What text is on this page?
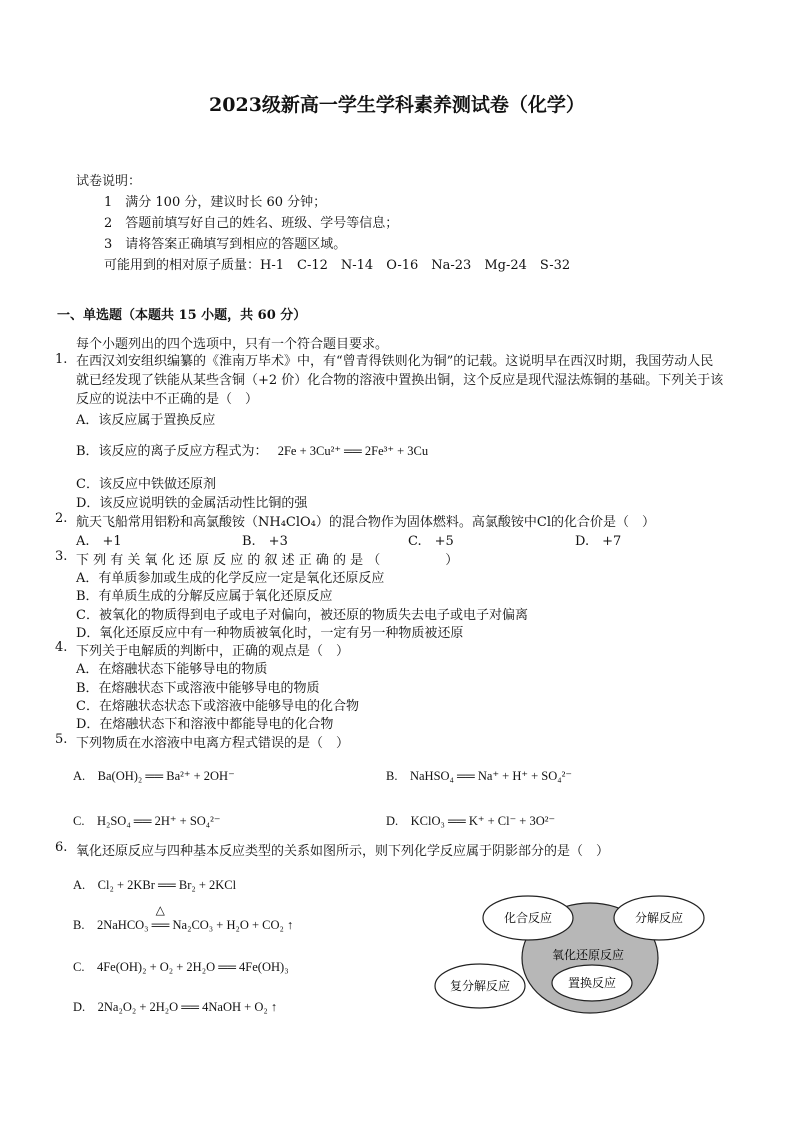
2023级新高一学生学科素养测试卷（化学）
试卷说明：
1　满分 100 分，建议时长 60 分钟；
2　答题前填写好自己的姓名、班级、学号等信息；
3　请将答案正确填写到相应的答题区域。
可能用到的相对原子质量：H-1　C-12　N-14　O-16　Na-23　Mg-24　S-32
一、单选题（本题共 15 小题，共 60 分）
每个小题列出的四个选项中，只有一个符合题目要求。
1. 在西汉刘安组织编纂的《淮南万毕术》中，有“曾青得铁则化为铜”的记载。这说明早在西汉时期，我国劳动人民就已经发现了铁能从某些含铜（+2 价）化合物的溶液中置换出铜，这个反应是现代湿法炼铜的基础。下列关于该反应的说法中不正确的是（　）
A．该反应属于置换反应
B．该反应的离子反应方程式为： 2Fe + 3Cu²⁺ ══ 2Fe³⁺ + 3Cu
C．该反应中铁做还原剂
D．该反应说明铁的金属活动性比铜的强
2. 航天飞船常用铝粉和高氯酸铵（NH₄ClO₄）的混合物作为固体燃料。高氯酸铵中Cl的化合价是（　）
A.　+1	B.　+3	C.　+5	D.　+7
3. 下 列 有 关 氧 化 还 原 反 应 的 叙 述 正 确 的 是 （　　　　　）
A．有单质参加或生成的化学反应一定是氧化还原反应
B．有单质生成的分解反应属于氧化还原反应
C．被氧化的物质得到电子或电子对偏向，被还原的物质失去电子或电子对偏离
D．氧化还原反应中有一种物质被氧化时，一定有另一种物质被还原
4. 下列关于电解质的判断中，正确的观点是（　）
A．在熔融状态下能够导电的物质
B．在熔融状态下或溶液中能够导电的物质
C．在熔融状态状态下或溶液中能够导电的化合物
D．在熔融状态下和溶液中都能导电的化合物
5. 下列物质在水溶液中电离方程式错误的是（　）
A.　Ba(OH)₂ ══ Ba²⁺ + 2OH⁻	B.　NaHSO₄ ══ Na⁺ + H⁺ + SO₄²⁻
C.　H₂SO₄ ══ 2H⁺ + SO₄²⁻	D.　KClO₃ ══ K⁺ + Cl⁻ + 3O²⁻
6. 氧化还原反应与四种基本反应类型的关系如图所示，则下列化学反应属于阴影部分的是（　）
A.　Cl₂ + 2KBr ══ Br₂ + 2KCl
B.　2NaHCO₃
△
══ Na₂CO₃ + H₂O + CO₂ ↑
C.　4Fe(OH)₂ + O₂ + 2H₂O ══ 4Fe(OH)₃
D.　2Na₂O₂ + 2H₂O ══ 4NaOH + O₂ ↑
化合反应	分解反应
氧化还原反应
复分解反应	置换反应
